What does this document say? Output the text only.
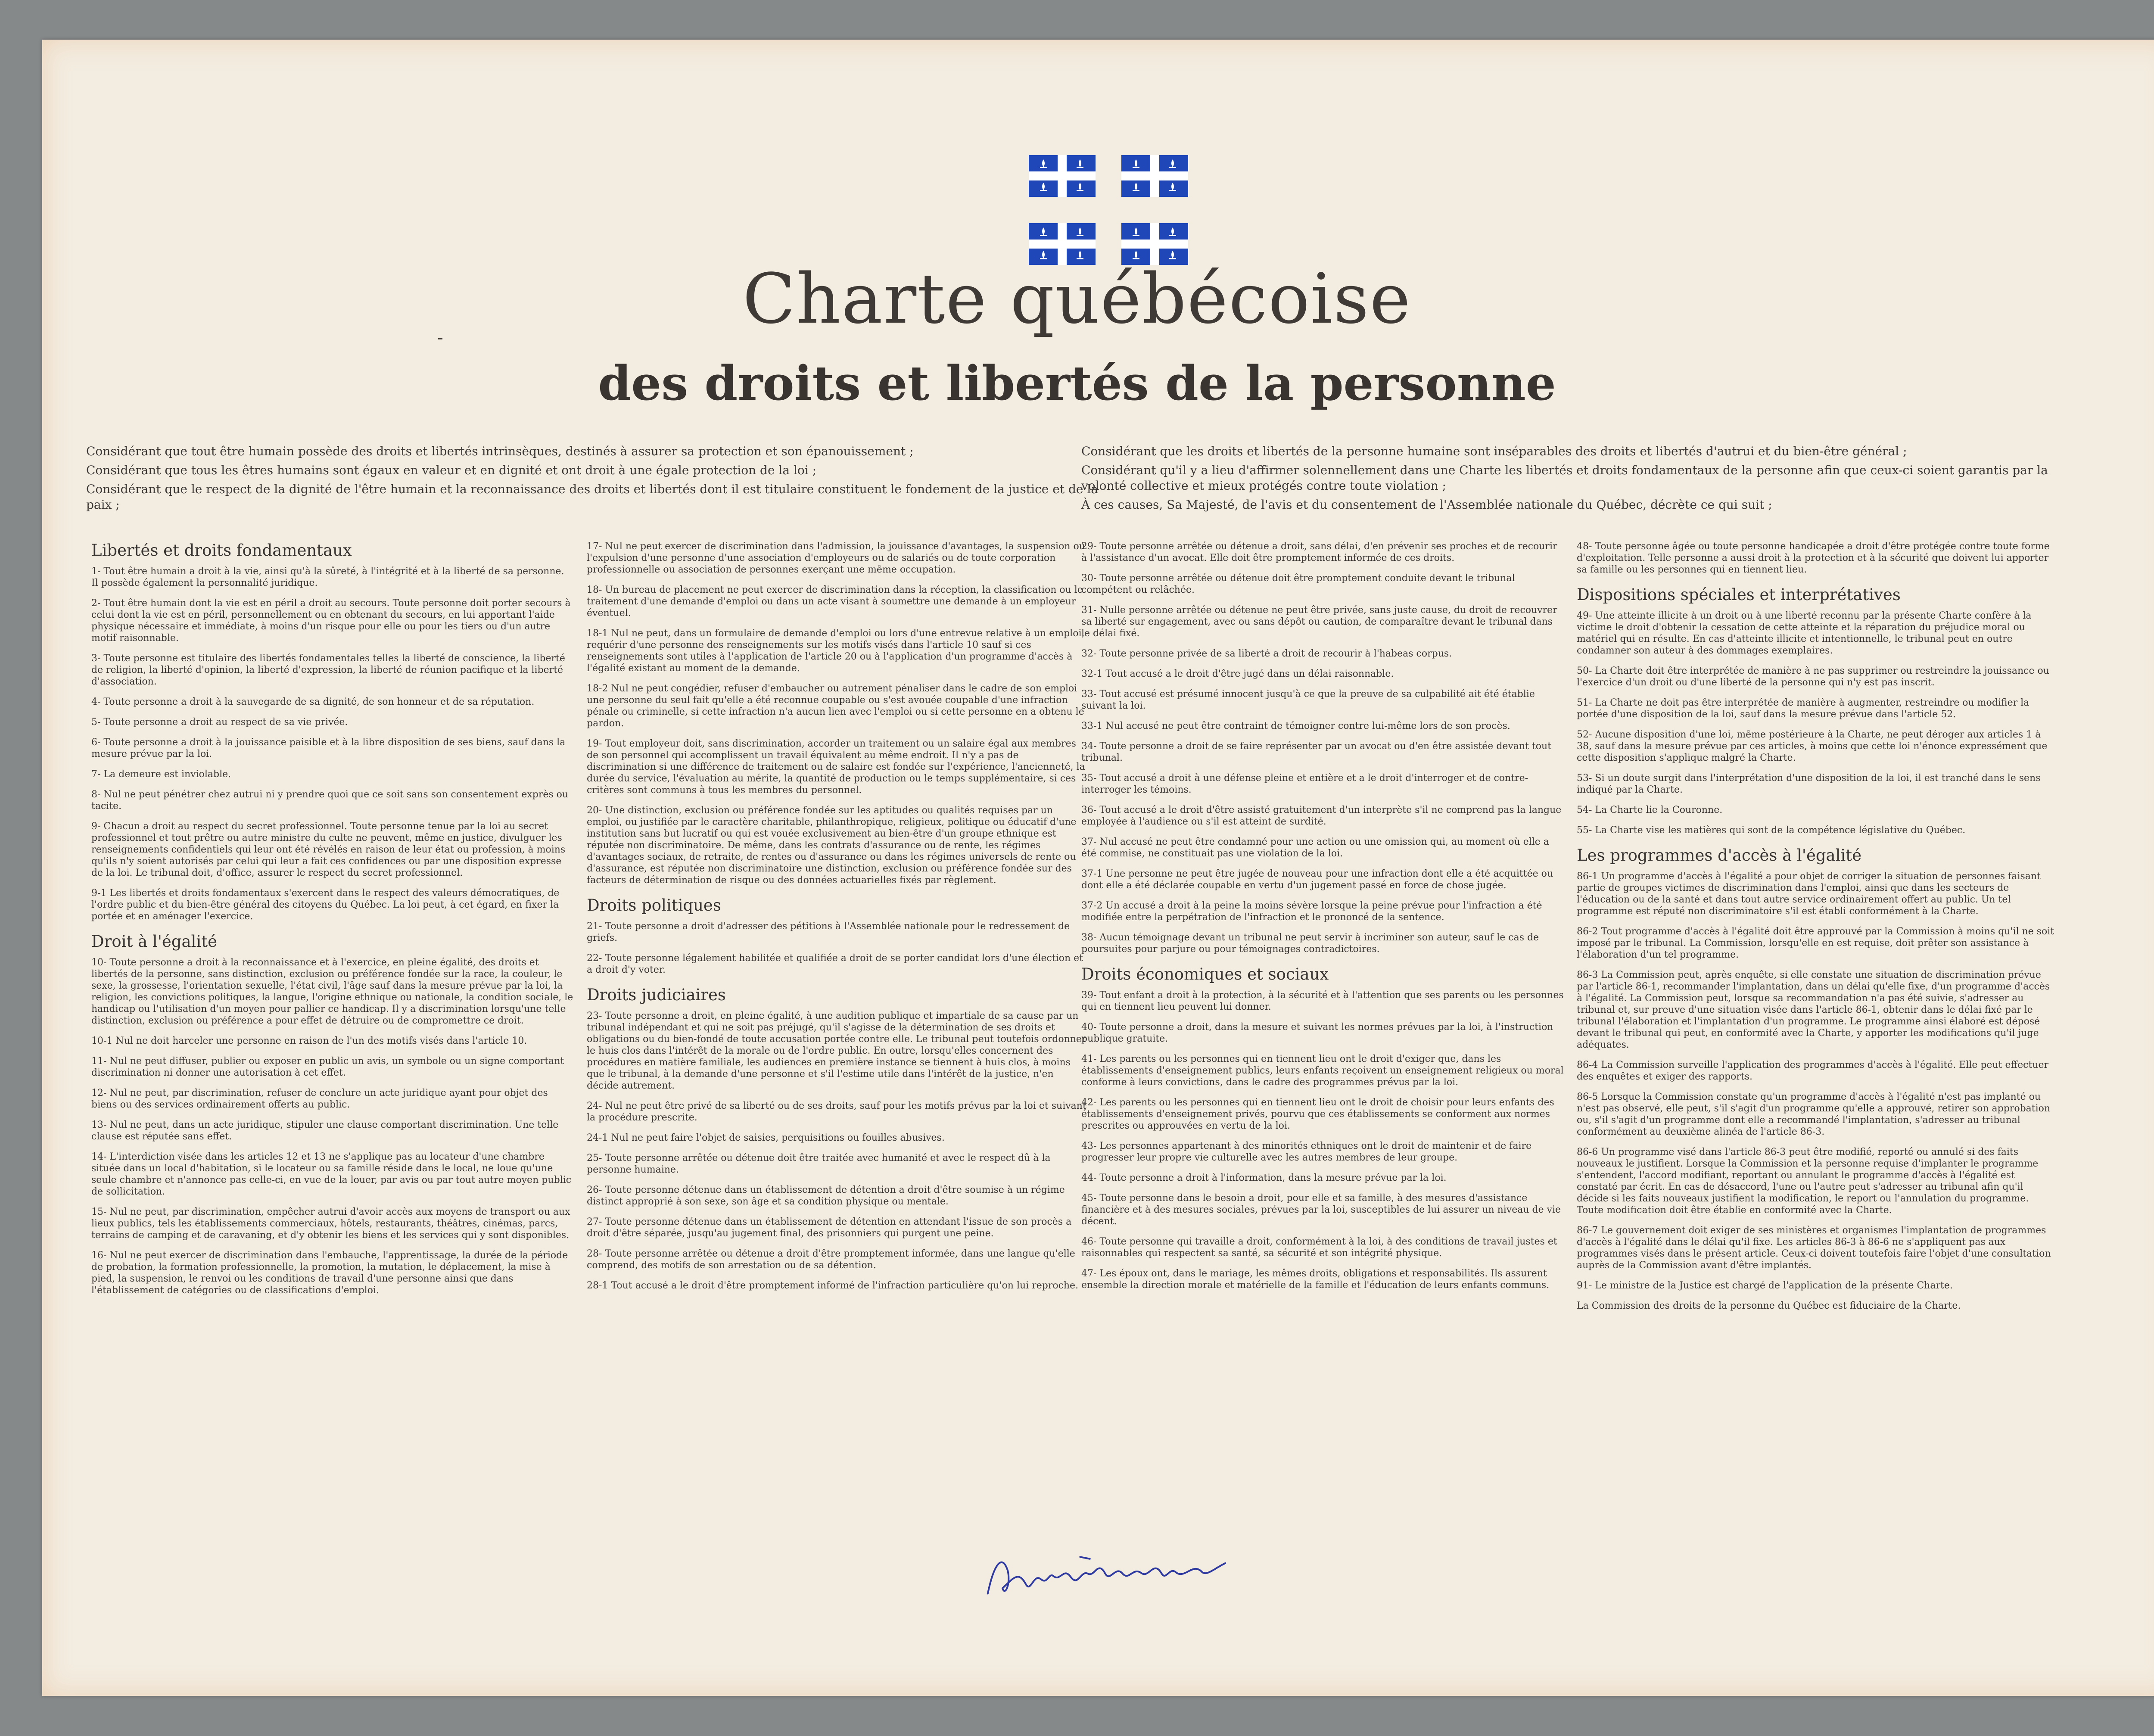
Charte québécoise
des droits et libertés de la personne

Considérant que tout être humain possède des droits et libertés intrinsèques, destinés à assurer sa protection et son épanouissement ;

Considérant que tous les êtres humains sont égaux en valeur et en dignité et ont droit à une égale protection de la loi ;

Considérant que le respect de la dignité de l'être humain et la reconnaissance des droits et libertés dont il est titulaire constituent le fondement de la justice et de la paix ;

Considérant que les droits et libertés de la personne humaine sont inséparables des droits et libertés d'autrui et du bien-être général ;

Considérant qu'il y a lieu d'affirmer solennellement dans une Charte les libertés et droits fondamentaux de la personne afin que ceux-ci soient garantis par la volonté collective et mieux protégés contre toute violation ;

À ces causes, Sa Majesté, de l'avis et du consentement de l'Assemblée nationale du Québec, décrète ce qui suit ;

Libertés et droits fondamentaux

1- Tout être humain a droit à la vie, ainsi qu'à la sûreté, à l'intégrité et à la liberté de sa personne. Il possède également la personnalité juridique.

2- Tout être humain dont la vie est en péril a droit au secours. Toute personne doit porter secours à celui dont la vie est en péril, personnellement ou en obtenant du secours, en lui apportant l'aide physique nécessaire et immédiate, à moins d'un risque pour elle ou pour les tiers ou d'un autre motif raisonnable.

3- Toute personne est titulaire des libertés fondamentales telles la liberté de conscience, la liberté de religion, la liberté d'opinion, la liberté d'expression, la liberté de réunion pacifique et la liberté d'association.

4- Toute personne a droit à la sauvegarde de sa dignité, de son honneur et de sa réputation.

5- Toute personne a droit au respect de sa vie privée.

6- Toute personne a droit à la jouissance paisible et à la libre disposition de ses biens, sauf dans la mesure prévue par la loi.

7- La demeure est inviolable.

8- Nul ne peut pénétrer chez autrui ni y prendre quoi que ce soit sans son consentement exprès ou tacite.

9- Chacun a droit au respect du secret professionnel. Toute personne tenue par la loi au secret professionnel et tout prêtre ou autre ministre du culte ne peuvent, même en justice, divulguer les renseignements confidentiels qui leur ont été révélés en raison de leur état ou profession, à moins qu'ils n'y soient autorisés par celui qui leur a fait ces confidences ou par une disposition expresse de la loi. Le tribunal doit, d'office, assurer le respect du secret professionnel.

9-1 Les libertés et droits fondamentaux s'exercent dans le respect des valeurs démocratiques, de l'ordre public et du bien-être général des citoyens du Québec. La loi peut, à cet égard, en fixer la portée et en aménager l'exercice.

Droit à l'égalité

10- Toute personne a droit à la reconnaissance et à l'exercice, en pleine égalité, des droits et libertés de la personne, sans distinction, exclusion ou préférence fondée sur la race, la couleur, le sexe, la grossesse, l'orientation sexuelle, l'état civil, l'âge sauf dans la mesure prévue par la loi, la religion, les convictions politiques, la langue, l'origine ethnique ou nationale, la condition sociale, le handicap ou l'utilisation d'un moyen pour pallier ce handicap. Il y a discrimination lorsqu'une telle distinction, exclusion ou préférence a pour effet de détruire ou de compromettre ce droit.

10-1 Nul ne doit harceler une personne en raison de l'un des motifs visés dans l'article 10.

11- Nul ne peut diffuser, publier ou exposer en public un avis, un symbole ou un signe comportant discrimination ni donner une autorisation à cet effet.

12- Nul ne peut, par discrimination, refuser de conclure un acte juridique ayant pour objet des biens ou des services ordinairement offerts au public.

13- Nul ne peut, dans un acte juridique, stipuler une clause comportant discrimination. Une telle clause est réputée sans effet.

14- L'interdiction visée dans les articles 12 et 13 ne s'applique pas au locateur d'une chambre située dans un local d'habitation, si le locateur ou sa famille réside dans le local, ne loue qu'une seule chambre et n'annonce pas celle-ci, en vue de la louer, par avis ou par tout autre moyen public de sollicitation.

15- Nul ne peut, par discrimination, empêcher autrui d'avoir accès aux moyens de transport ou aux lieux publics, tels les établissements commerciaux, hôtels, restaurants, théâtres, cinémas, parcs, terrains de camping et de caravaning, et d'y obtenir les biens et les services qui y sont disponibles.

16- Nul ne peut exercer de discrimination dans l'embauche, l'apprentissage, la durée de la période de probation, la formation professionnelle, la promotion, la mutation, le déplacement, la mise à pied, la suspension, le renvoi ou les conditions de travail d'une personne ainsi que dans l'établissement de catégories ou de classifications d'emploi.

17- Nul ne peut exercer de discrimination dans l'admission, la jouissance d'avantages, la suspension ou l'expulsion d'une personne d'une association d'employeurs ou de salariés ou de toute corporation professionnelle ou association de personnes exerçant une même occupation.

18- Un bureau de placement ne peut exercer de discrimination dans la réception, la classification ou le traitement d'une demande d'emploi ou dans un acte visant à soumettre une demande à un employeur éventuel.

18-1 Nul ne peut, dans un formulaire de demande d'emploi ou lors d'une entrevue relative à un emploi, requérir d'une personne des renseignements sur les motifs visés dans l'article 10 sauf si ces renseignements sont utiles à l'application de l'article 20 ou à l'application d'un programme d'accès à l'égalité existant au moment de la demande.

18-2 Nul ne peut congédier, refuser d'embaucher ou autrement pénaliser dans le cadre de son emploi une personne du seul fait qu'elle a été reconnue coupable ou s'est avouée coupable d'une infraction pénale ou criminelle, si cette infraction n'a aucun lien avec l'emploi ou si cette personne en a obtenu le pardon.

19- Tout employeur doit, sans discrimination, accorder un traitement ou un salaire égal aux membres de son personnel qui accomplissent un travail équivalent au même endroit. Il n'y a pas de discrimination si une différence de traitement ou de salaire est fondée sur l'expérience, l'ancienneté, la durée du service, l'évaluation au mérite, la quantité de production ou le temps supplémentaire, si ces critères sont communs à tous les membres du personnel.

20- Une distinction, exclusion ou préférence fondée sur les aptitudes ou qualités requises par un emploi, ou justifiée par le caractère charitable, philanthropique, religieux, politique ou éducatif d'une institution sans but lucratif ou qui est vouée exclusivement au bien-être d'un groupe ethnique est réputée non discriminatoire. De même, dans les contrats d'assurance ou de rente, les régimes d'avantages sociaux, de retraite, de rentes ou d'assurance ou dans les régimes universels de rente ou d'assurance, est réputée non discriminatoire une distinction, exclusion ou préférence fondée sur des facteurs de détermination de risque ou des données actuarielles fixés par règlement.

Droits politiques

21- Toute personne a droit d'adresser des pétitions à l'Assemblée nationale pour le redressement de griefs.

22- Toute personne légalement habilitée et qualifiée a droit de se porter candidat lors d'une élection et a droit d'y voter.

Droits judiciaires

23- Toute personne a droit, en pleine égalité, à une audition publique et impartiale de sa cause par un tribunal indépendant et qui ne soit pas préjugé, qu'il s'agisse de la détermination de ses droits et obligations ou du bien-fondé de toute accusation portée contre elle. Le tribunal peut toutefois ordonner le huis clos dans l'intérêt de la morale ou de l'ordre public. En outre, lorsqu'elles concernent des procédures en matière familiale, les audiences en première instance se tiennent à huis clos, à moins que le tribunal, à la demande d'une personne et s'il l'estime utile dans l'intérêt de la justice, n'en décide autrement.

24- Nul ne peut être privé de sa liberté ou de ses droits, sauf pour les motifs prévus par la loi et suivant la procédure prescrite.

24-1 Nul ne peut faire l'objet de saisies, perquisitions ou fouilles abusives.

25- Toute personne arrêtée ou détenue doit être traitée avec humanité et avec le respect dû à la personne humaine.

26- Toute personne détenue dans un établissement de détention a droit d'être soumise à un régime distinct approprié à son sexe, son âge et sa condition physique ou mentale.

27- Toute personne détenue dans un établissement de détention en attendant l'issue de son procès a droit d'être séparée, jusqu'au jugement final, des prisonniers qui purgent une peine.

28- Toute personne arrêtée ou détenue a droit d'être promptement informée, dans une langue qu'elle comprend, des motifs de son arrestation ou de sa détention.

28-1 Tout accusé a le droit d'être promptement informé de l'infraction particulière qu'on lui reproche.

29- Toute personne arrêtée ou détenue a droit, sans délai, d'en prévenir ses proches et de recourir à l'assistance d'un avocat. Elle doit être promptement informée de ces droits.

30- Toute personne arrêtée ou détenue doit être promptement conduite devant le tribunal compétent ou relâchée.

31- Nulle personne arrêtée ou détenue ne peut être privée, sans juste cause, du droit de recouvrer sa liberté sur engagement, avec ou sans dépôt ou caution, de comparaître devant le tribunal dans le délai fixé.

32- Toute personne privée de sa liberté a droit de recourir à l'habeas corpus.

32-1 Tout accusé a le droit d'être jugé dans un délai raisonnable.

33- Tout accusé est présumé innocent jusqu'à ce que la preuve de sa culpabilité ait été établie suivant la loi.

33-1 Nul accusé ne peut être contraint de témoigner contre lui-même lors de son procès.

34- Toute personne a droit de se faire représenter par un avocat ou d'en être assistée devant tout tribunal.

35- Tout accusé a droit à une défense pleine et entière et a le droit d'interroger et de contre-interroger les témoins.

36- Tout accusé a le droit d'être assisté gratuitement d'un interprète s'il ne comprend pas la langue employée à l'audience ou s'il est atteint de surdité.

37- Nul accusé ne peut être condamné pour une action ou une omission qui, au moment où elle a été commise, ne constituait pas une violation de la loi.

37-1 Une personne ne peut être jugée de nouveau pour une infraction dont elle a été acquittée ou dont elle a été déclarée coupable en vertu d'un jugement passé en force de chose jugée.

37-2 Un accusé a droit à la peine la moins sévère lorsque la peine prévue pour l'infraction a été modifiée entre la perpétration de l'infraction et le prononcé de la sentence.

38- Aucun témoignage devant un tribunal ne peut servir à incriminer son auteur, sauf le cas de poursuites pour parjure ou pour témoignages contradictoires.

Droits économiques et sociaux

39- Tout enfant a droit à la protection, à la sécurité et à l'attention que ses parents ou les personnes qui en tiennent lieu peuvent lui donner.

40- Toute personne a droit, dans la mesure et suivant les normes prévues par la loi, à l'instruction publique gratuite.

41- Les parents ou les personnes qui en tiennent lieu ont le droit d'exiger que, dans les établissements d'enseignement publics, leurs enfants reçoivent un enseignement religieux ou moral conforme à leurs convictions, dans le cadre des programmes prévus par la loi.

42- Les parents ou les personnes qui en tiennent lieu ont le droit de choisir pour leurs enfants des établissements d'enseignement privés, pourvu que ces établissements se conforment aux normes prescrites ou approuvées en vertu de la loi.

43- Les personnes appartenant à des minorités ethniques ont le droit de maintenir et de faire progresser leur propre vie culturelle avec les autres membres de leur groupe.

44- Toute personne a droit à l'information, dans la mesure prévue par la loi.

45- Toute personne dans le besoin a droit, pour elle et sa famille, à des mesures d'assistance financière et à des mesures sociales, prévues par la loi, susceptibles de lui assurer un niveau de vie décent.

46- Toute personne qui travaille a droit, conformément à la loi, à des conditions de travail justes et raisonnables qui respectent sa santé, sa sécurité et son intégrité physique.

47- Les époux ont, dans le mariage, les mêmes droits, obligations et responsabilités. Ils assurent ensemble la direction morale et matérielle de la famille et l'éducation de leurs enfants communs.

48- Toute personne âgée ou toute personne handicapée a droit d'être protégée contre toute forme d'exploitation. Telle personne a aussi droit à la protection et à la sécurité que doivent lui apporter sa famille ou les personnes qui en tiennent lieu.

Dispositions spéciales et interprétatives

49- Une atteinte illicite à un droit ou à une liberté reconnu par la présente Charte confère à la victime le droit d'obtenir la cessation de cette atteinte et la réparation du préjudice moral ou matériel qui en résulte. En cas d'atteinte illicite et intentionnelle, le tribunal peut en outre condamner son auteur à des dommages exemplaires.

50- La Charte doit être interprétée de manière à ne pas supprimer ou restreindre la jouissance ou l'exercice d'un droit ou d'une liberté de la personne qui n'y est pas inscrit.

51- La Charte ne doit pas être interprétée de manière à augmenter, restreindre ou modifier la portée d'une disposition de la loi, sauf dans la mesure prévue dans l'article 52.

52- Aucune disposition d'une loi, même postérieure à la Charte, ne peut déroger aux articles 1 à 38, sauf dans la mesure prévue par ces articles, à moins que cette loi n'énonce expressément que cette disposition s'applique malgré la Charte.

53- Si un doute surgit dans l'interprétation d'une disposition de la loi, il est tranché dans le sens indiqué par la Charte.

54- La Charte lie la Couronne.

55- La Charte vise les matières qui sont de la compétence législative du Québec.

Les programmes d'accès à l'égalité

86-1 Un programme d'accès à l'égalité a pour objet de corriger la situation de personnes faisant partie de groupes victimes de discrimination dans l'emploi, ainsi que dans les secteurs de l'éducation ou de la santé et dans tout autre service ordinairement offert au public. Un tel programme est réputé non discriminatoire s'il est établi conformément à la Charte.

86-2 Tout programme d'accès à l'égalité doit être approuvé par la Commission à moins qu'il ne soit imposé par le tribunal. La Commission, lorsqu'elle en est requise, doit prêter son assistance à l'élaboration d'un tel programme.

86-3 La Commission peut, après enquête, si elle constate une situation de discrimination prévue par l'article 86-1, recommander l'implantation, dans un délai qu'elle fixe, d'un programme d'accès à l'égalité. La Commission peut, lorsque sa recommandation n'a pas été suivie, s'adresser au tribunal et, sur preuve d'une situation visée dans l'article 86-1, obtenir dans le délai fixé par le tribunal l'élaboration et l'implantation d'un programme. Le programme ainsi élaboré est déposé devant le tribunal qui peut, en conformité avec la Charte, y apporter les modifications qu'il juge adéquates.

86-4 La Commission surveille l'application des programmes d'accès à l'égalité. Elle peut effectuer des enquêtes et exiger des rapports.

86-5 Lorsque la Commission constate qu'un programme d'accès à l'égalité n'est pas implanté ou n'est pas observé, elle peut, s'il s'agit d'un programme qu'elle a approuvé, retirer son approbation ou, s'il s'agit d'un programme dont elle a recommandé l'implantation, s'adresser au tribunal conformément au deuxième alinéa de l'article 86-3.

86-6 Un programme visé dans l'article 86-3 peut être modifié, reporté ou annulé si des faits nouveaux le justifient. Lorsque la Commission et la personne requise d'implanter le programme s'entendent, l'accord modifiant, reportant ou annulant le programme d'accès à l'égalité est constaté par écrit. En cas de désaccord, l'une ou l'autre peut s'adresser au tribunal afin qu'il décide si les faits nouveaux justifient la modification, le report ou l'annulation du programme. Toute modification doit être établie en conformité avec la Charte.

86-7 Le gouvernement doit exiger de ses ministères et organismes l'implantation de programmes d'accès à l'égalité dans le délai qu'il fixe. Les articles 86-3 à 86-6 ne s'appliquent pas aux programmes visés dans le présent article. Ceux-ci doivent toutefois faire l'objet d'une consultation auprès de la Commission avant d'être implantés.

91- Le ministre de la Justice est chargé de l'application de la présente Charte.

La Commission des droits de la personne du Québec est fiduciaire de la Charte.
